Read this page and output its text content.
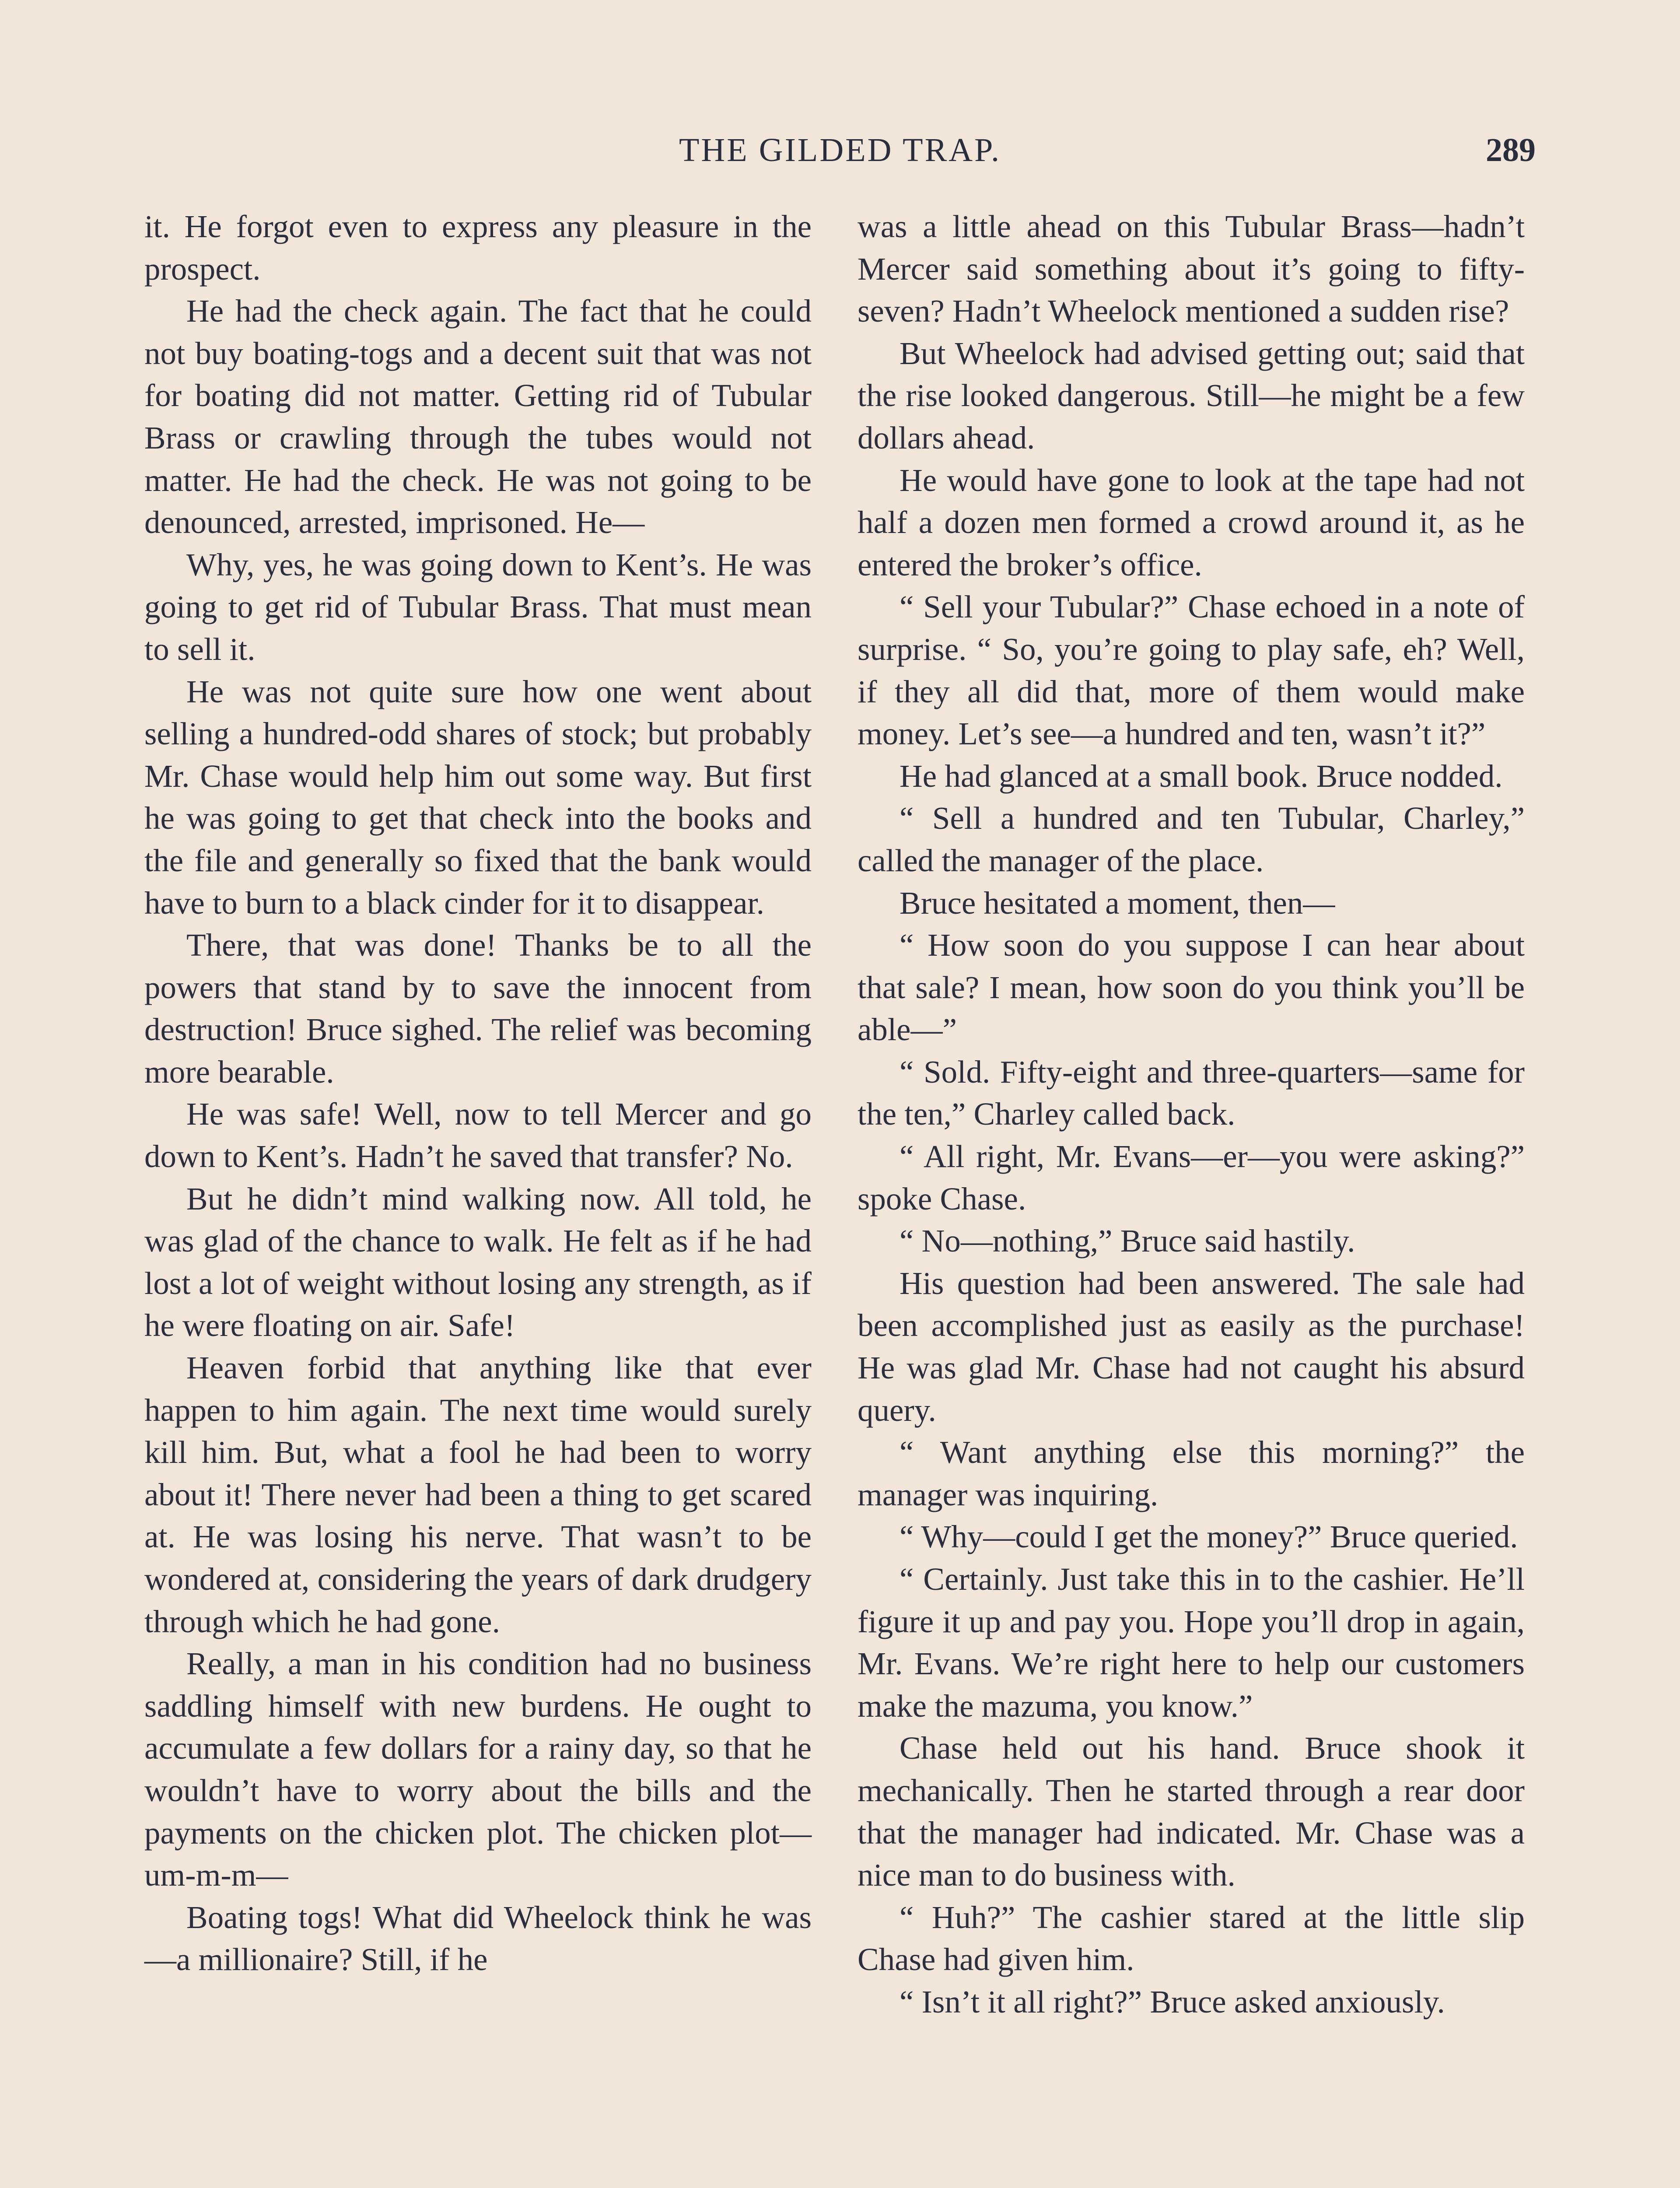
THE GILDED TRAP.	289

it. He forgot even to express any pleasure in the prospect.

He had the check again. The fact that he could not buy boating-togs and a decent suit that was not for boating did not matter. Getting rid of Tubular Brass or crawling through the tubes would not matter. He had the check. He was not going to be denounced, arrested, imprisoned. He—

Why, yes, he was going down to Kent’s. He was going to get rid of Tubular Brass. That must mean to sell it.

He was not quite sure how one went about selling a hundred-odd shares of stock; but probably Mr. Chase would help him out some way. But first he was going to get that check into the books and the file and generally so fixed that the bank would have to burn to a black cinder for it to disappear.

There, that was done! Thanks be to all the powers that stand by to save the innocent from destruction! Bruce sighed. The relief was becoming more bearable.

He was safe! Well, now to tell Mercer and go down to Kent’s. Hadn’t he saved that transfer? No.

But he didn’t mind walking now. All told, he was glad of the chance to walk. He felt as if he had lost a lot of weight without losing any strength, as if he were floating on air. Safe!

Heaven forbid that anything like that ever happen to him again. The next time would surely kill him. But, what a fool he had been to worry about it! There never had been a thing to get scared at. He was losing his nerve. That wasn’t to be wondered at, considering the years of dark drudgery through which he had gone.

Really, a man in his condition had no business saddling himself with new burdens. He ought to accumulate a few dollars for a rainy day, so that he wouldn’t have to worry about the bills and the payments on the chicken plot. The chicken plot—um-m-m—

Boating togs! What did Wheelock think he was—a millionaire? Still, if he

was a little ahead on this Tubular Brass—hadn’t Mercer said something about it’s going to fifty-seven? Hadn’t Wheelock mentioned a sudden rise?

But Wheelock had advised getting out; said that the rise looked dangerous. Still—he might be a few dollars ahead.

He would have gone to look at the tape had not half a dozen men formed a crowd around it, as he entered the broker’s office.

“ Sell your Tubular?” Chase echoed in a note of surprise. “ So, you’re going to play safe, eh? Well, if they all did that, more of them would make money. Let’s see—a hundred and ten, wasn’t it?”

He had glanced at a small book. Bruce nodded.

“ Sell a hundred and ten Tubular, Charley,” called the manager of the place.

Bruce hesitated a moment, then—

“ How soon do you suppose I can hear about that sale? I mean, how soon do you think you’ll be able—”

“ Sold. Fifty-eight and three-quarters—same for the ten,” Charley called back.

“ All right, Mr. Evans—er—you were asking?” spoke Chase.

“ No—nothing,” Bruce said hastily.

His question had been answered. The sale had been accomplished just as easily as the purchase! He was glad Mr. Chase had not caught his absurd query.

“ Want anything else this morning?” the manager was inquiring.

“ Why—could I get the money?” Bruce queried.

“ Certainly. Just take this in to the cashier. He’ll figure it up and pay you. Hope you’ll drop in again, Mr. Evans. We’re right here to help our customers make the mazuma, you know.”

Chase held out his hand. Bruce shook it mechanically. Then he started through a rear door that the manager had indicated. Mr. Chase was a nice man to do business with.

“ Huh?” The cashier stared at the little slip Chase had given him.

“ Isn’t it all right?” Bruce asked anxiously.
